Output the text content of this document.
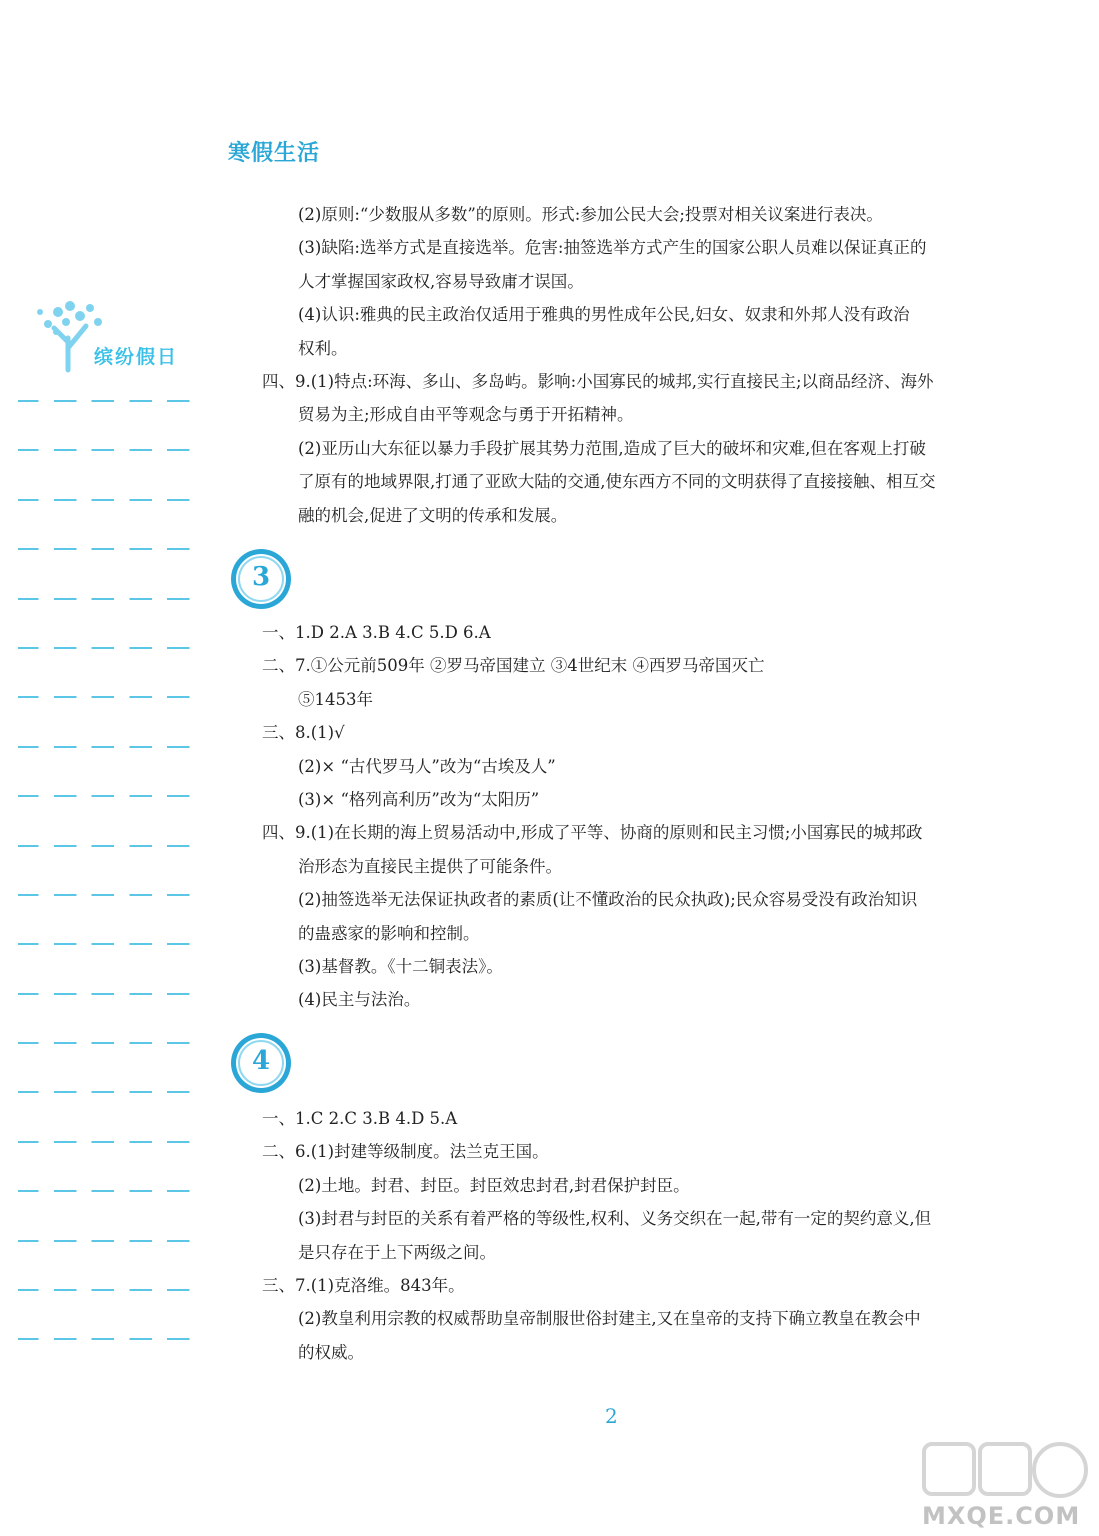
寒假生活
缤纷假日
(2)原则:“少数服从多数”的原则。形式:参加公民大会;投票对相关议案进行表决。
(3)缺陷:选举方式是直接选举。危害:抽签选举方式产生的国家公职人员难以保证真正的
人才掌握国家政权,容易导致庸才误国。
(4)认识:雅典的民主政治仅适用于雅典的男性成年公民,妇女、奴隶和外邦人没有政治
权利。
四、9.(1)特点:环海、多山、多岛屿。影响:小国寡民的城邦,实行直接民主;以商品经济、海外
贸易为主;形成自由平等观念与勇于开拓精神。
(2)亚历山大东征以暴力手段扩展其势力范围,造成了巨大的破坏和灾难,但在客观上打破
了原有的地域界限,打通了亚欧大陆的交通,使东西方不同的文明获得了直接接触、相互交
融的机会,促进了文明的传承和发展。
3
一、1.D 2.A 3.B 4.C 5.D 6.A
二、7.①公元前509年 ②罗马帝国建立 ③4世纪末 ④西罗马帝国灭亡
⑤1453年
三、8.(1)√
(2)× “古代罗马人”改为“古埃及人”
(3)× “格列高利历”改为“太阳历”
四、9.(1)在长期的海上贸易活动中,形成了平等、协商的原则和民主习惯;小国寡民的城邦政
治形态为直接民主提供了可能条件。
(2)抽签选举无法保证执政者的素质(让不懂政治的民众执政);民众容易受没有政治知识
的蛊惑家的影响和控制。
(3)基督教。《十二铜表法》。
(4)民主与法治。
4
一、1.C 2.C 3.B 4.D 5.A
二、6.(1)封建等级制度。法兰克王国。
(2)土地。封君、封臣。封臣效忠封君,封君保护封臣。
(3)封君与封臣的关系有着严格的等级性,权利、义务交织在一起,带有一定的契约意义,但
是只存在于上下两级之间。
三、7.(1)克洛维。843年。
(2)教皇利用宗教的权威帮助皇帝制服世俗封建主,又在皇帝的支持下确立教皇在教会中
的权威。
2
MXQE.COM
